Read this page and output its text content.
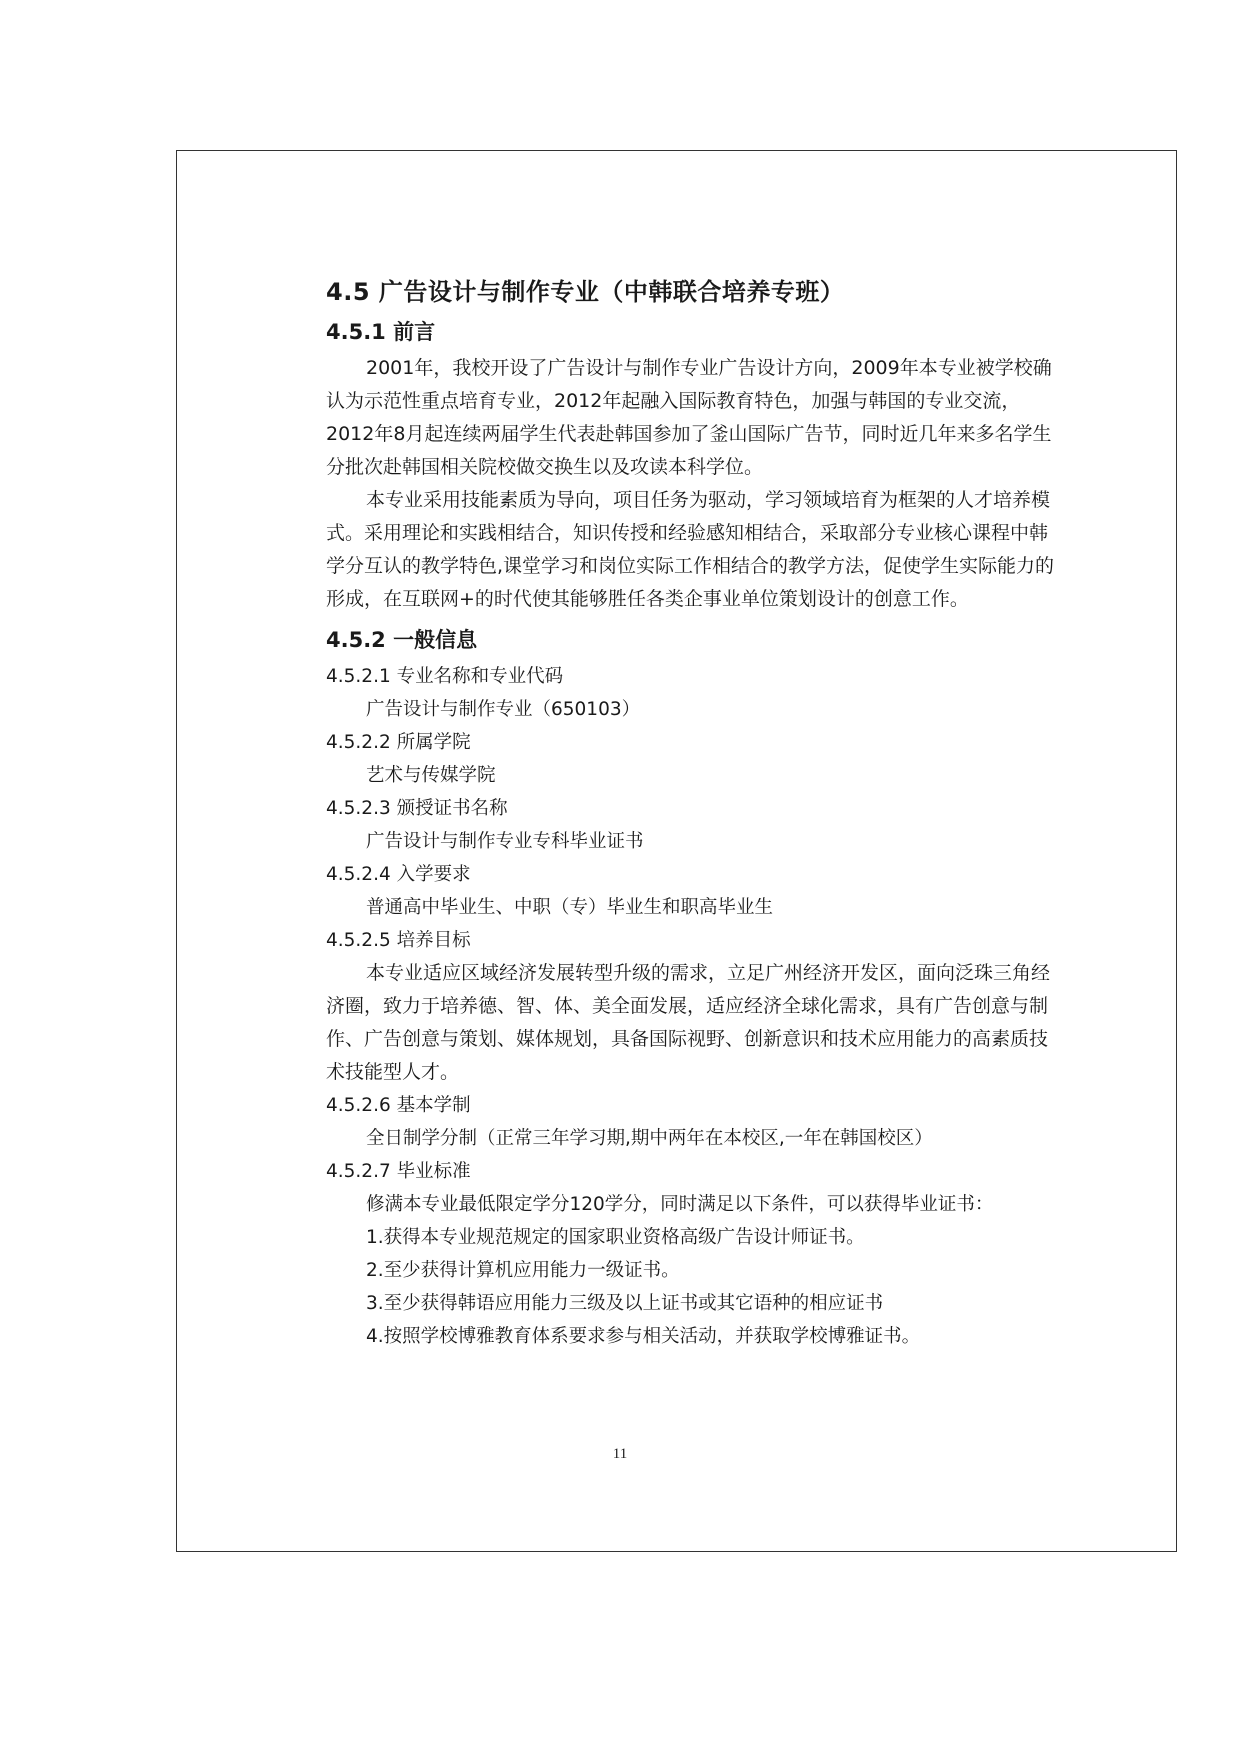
4.5 广告设计与制作专业（中韩联合培养专班）
4.5.1 前言

2001年，我校开设了广告设计与制作专业广告设计方向，2009年本专业被学校确认为示范性重点培育专业，2012年起融入国际教育特色，加强与韩国的专业交流，2012年8月起连续两届学生代表赴韩国参加了釜山国际广告节，同时近几年来多名学生分批次赴韩国相关院校做交换生以及攻读本科学位。

本专业采用技能素质为导向，项目任务为驱动，学习领域培育为框架的人才培养模式。采用理论和实践相结合，知识传授和经验感知相结合，采取部分专业核心课程中韩学分互认的教学特色,课堂学习和岗位实际工作相结合的教学方法，促使学生实际能力的形成，在互联网+的时代使其能够胜任各类企事业单位策划设计的创意工作。

4.5.2 一般信息

4.5.2.1 专业名称和专业代码

广告设计与制作专业（650103）

4.5.2.2 所属学院

艺术与传媒学院

4.5.2.3 颁授证书名称

广告设计与制作专业专科毕业证书

4.5.2.4 入学要求

普通高中毕业生、中职（专）毕业生和职高毕业生

4.5.2.5 培养目标

本专业适应区域经济发展转型升级的需求，立足广州经济开发区，面向泛珠三角经济圈，致力于培养德、智、体、美全面发展，适应经济全球化需求，具有广告创意与制作、广告创意与策划、媒体规划，具备国际视野、创新意识和技术应用能力的高素质技术技能型人才。

4.5.2.6 基本学制

全日制学分制（正常三年学习期,期中两年在本校区,一年在韩国校区）

4.5.2.7 毕业标准

修满本专业最低限定学分120学分，同时满足以下条件，可以获得毕业证书：

1.获得本专业规范规定的国家职业资格高级广告设计师证书。

2.至少获得计算机应用能力一级证书。

3.至少获得韩语应用能力三级及以上证书或其它语种的相应证书

4.按照学校博雅教育体系要求参与相关活动，并获取学校博雅证书。

11
